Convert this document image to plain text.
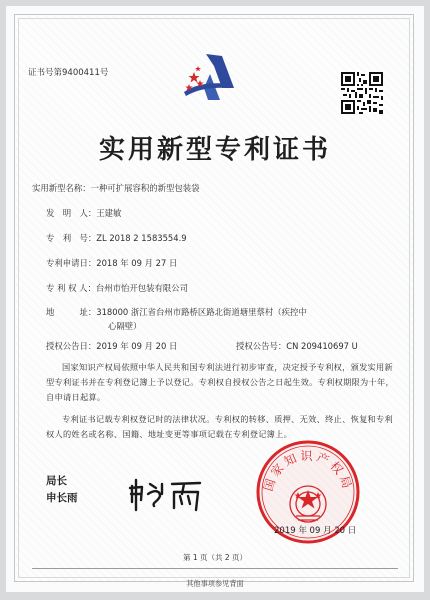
证书号第9400411号
实用新型专利证书
实用新型名称：一种可扩展容积的新型包装袋
发　明　人：王建敏
专　利　号：ZL 2018 2 1583554.9
专利申请日：2018 年 09 月 27 日
专 利 权 人：台州市怡开包装有限公司
地　　　址：318000 浙江省台州市路桥区路北街道塘里蔡村（疾控中
心隔壁）
授权公告日：2019 年 09 月 20 日	授权公告号：CN 209410697 U
国家知识产权局依照中华人民共和国专利法进行初步审查，决定授予专利权，颁发实用新型专利证书并在专利登记簿上予以登记。专利权自授权公告之日起生效。专利权期限为十年，自申请日起算。
专利证书记载专利权登记时的法律状况。专利权的转移、质押、无效、终止、恢复和专利权人的姓名或名称、国籍、地址变更等事项记载在专利登记簿上。
国家知识产权局
局长
申长雨
2019 年 09 月 20 日
第 1 页（共 2 页）
其他事项参见背面
